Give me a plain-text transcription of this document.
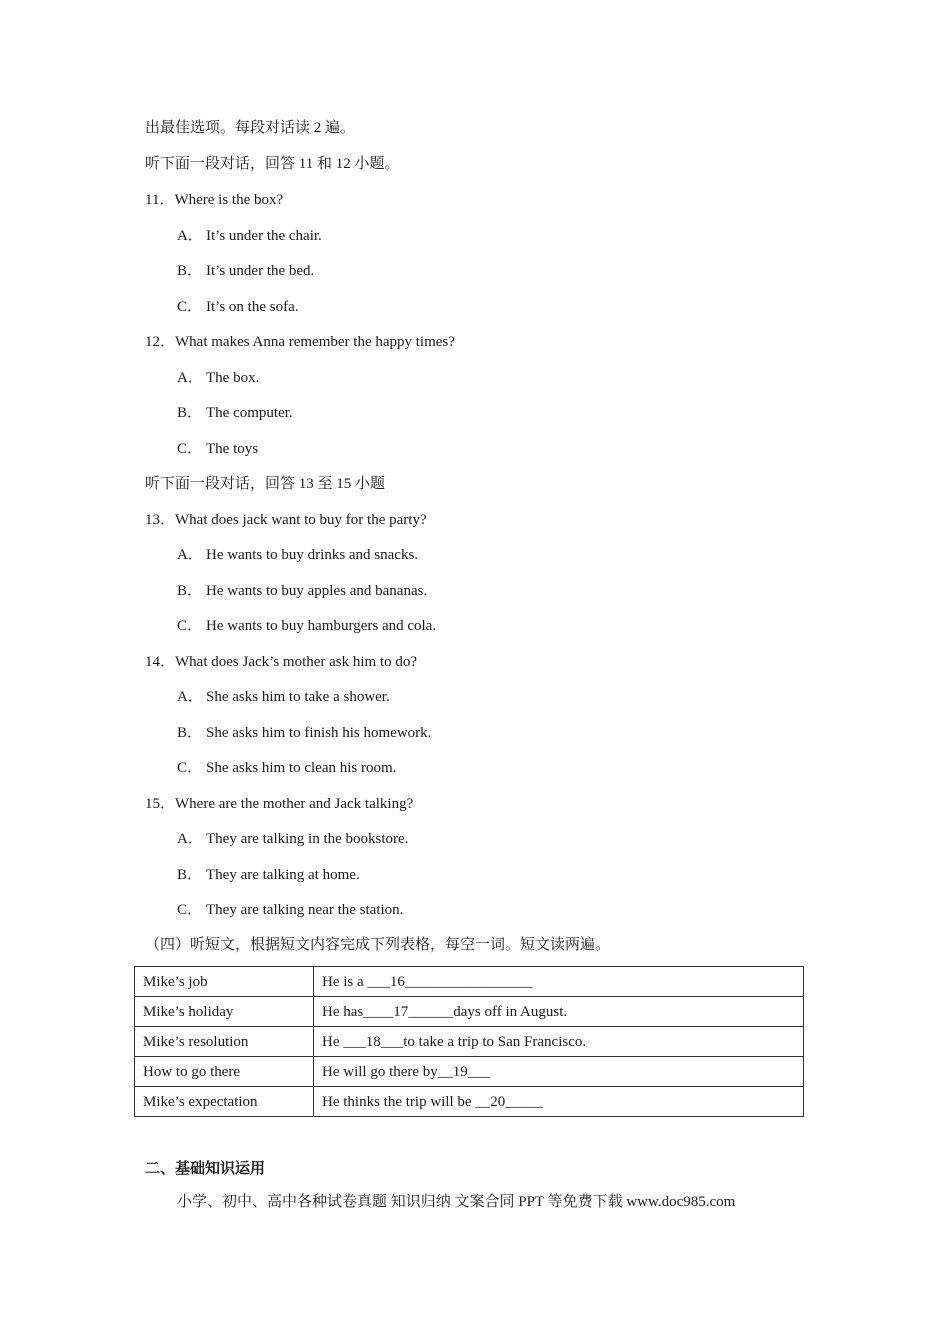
出最佳选项。每段对话读 2 遍。
听下面一段对话，回答 11 和 12 小题。
11．Where is the box?
A． It’s under the chair.
B． It’s under the bed.
C． It’s on the sofa.
12．What makes Anna remember the happy times?
A． The box.
B． The computer.
C． The toys
听下面一段对话，回答 13 至 15 小题
13．What does jack want to buy for the party?
A． He wants to buy drinks and snacks.
B． He wants to buy apples and bananas.
C． He wants to buy hamburgers and cola.
14．What does Jack’s mother ask him to do?
A． She asks him to take a shower.
B． She asks him to finish his homework.
C． She asks him to clean his room.
15．Where are the mother and Jack talking?
A． They are talking in the bookstore.
B． They are talking at home.
C． They are talking near the station.
（四）听短文，根据短文内容完成下列表格，每空一词。短文读两遍。
Mike’s job	He is a ___16_________________
Mike’s holiday	He has____17______days off in August.
Mike’s resolution	He ___18___to take a trip to San Francisco.
How to go there	He will go there by__19___
Mike’s expectation	He thinks the trip will be __20_____
二、基础知识运用
小学、初中、高中各种试卷真题 知识归纳 文案合同 PPT 等免费下载 www.doc985.com
